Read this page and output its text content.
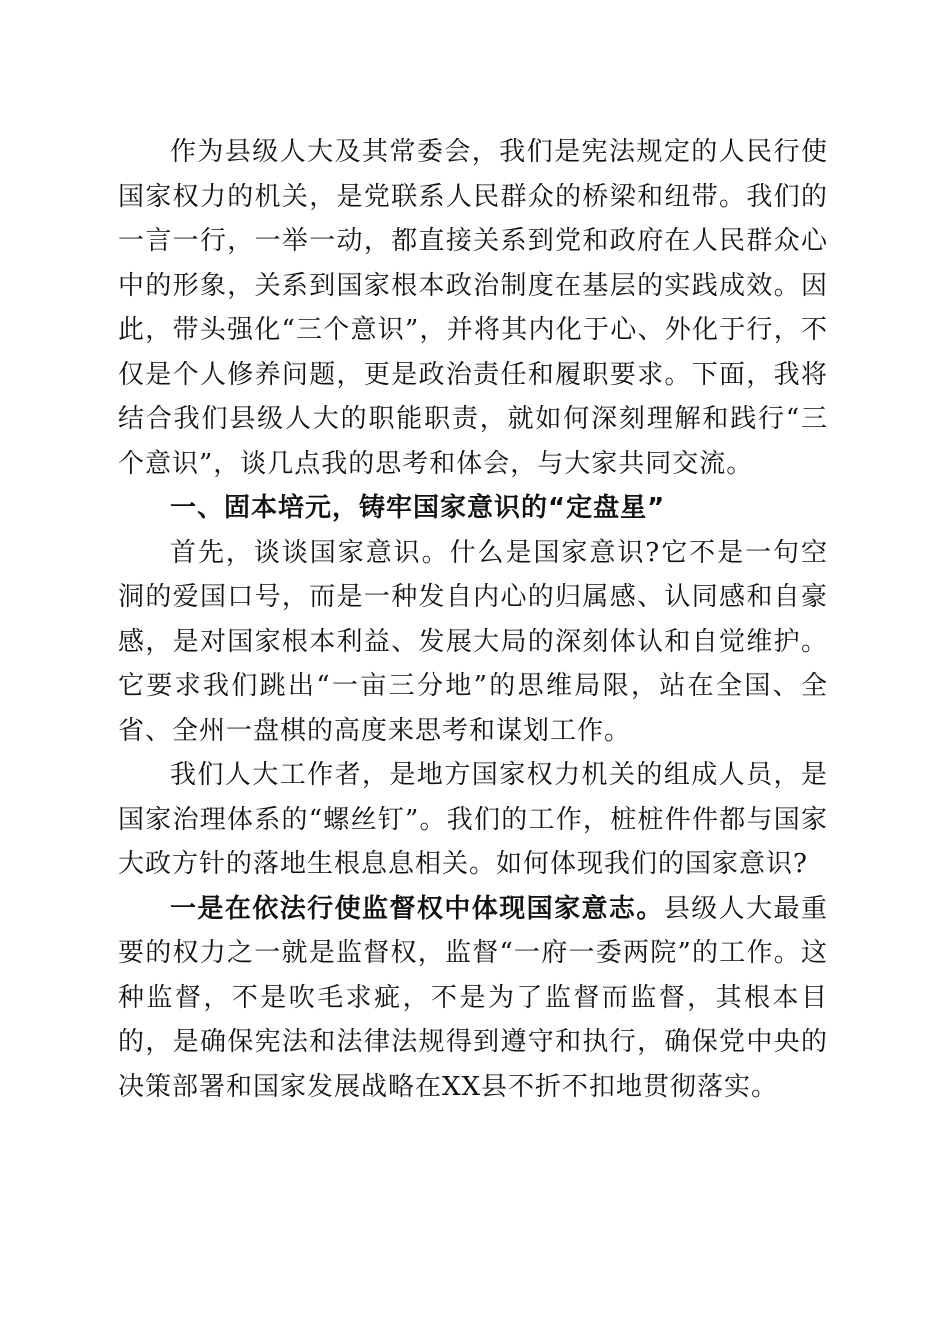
作为县级人大及其常委会，我们是宪法规定的人民行使国家权力的机关，是党联系人民群众的桥梁和纽带。我们的一言一行，一举一动，都直接关系到党和政府在人民群众心中的形象，关系到国家根本政治制度在基层的实践成效。因此，带头强化“三个意识”，并将其内化于心、外化于行，不仅是个人修养问题，更是政治责任和履职要求。下面，我将结合我们县级人大的职能职责，就如何深刻理解和践行“三个意识”，谈几点我的思考和体会，与大家共同交流。

一、固本培元，铸牢国家意识的“定盘星”

首先，谈谈国家意识。什么是国家意识?它不是一句空洞的爱国口号，而是一种发自内心的归属感、认同感和自豪感，是对国家根本利益、发展大局的深刻体认和自觉维护。它要求我们跳出“一亩三分地”的思维局限，站在全国、全省、全州一盘棋的高度来思考和谋划工作。

我们人大工作者，是地方国家权力机关的组成人员，是国家治理体系的“螺丝钉”。我们的工作，桩桩件件都与国家大政方针的落地生根息息相关。如何体现我们的国家意识?

一是在依法行使监督权中体现国家意志。县级人大最重要的权力之一就是监督权，监督“一府一委两院”的工作。这种监督，不是吹毛求疵，不是为了监督而监督，其根本目的，是确保宪法和法律法规得到遵守和执行，确保党中央的决策部署和国家发展战略在XX县不折不扣地贯彻落实。
